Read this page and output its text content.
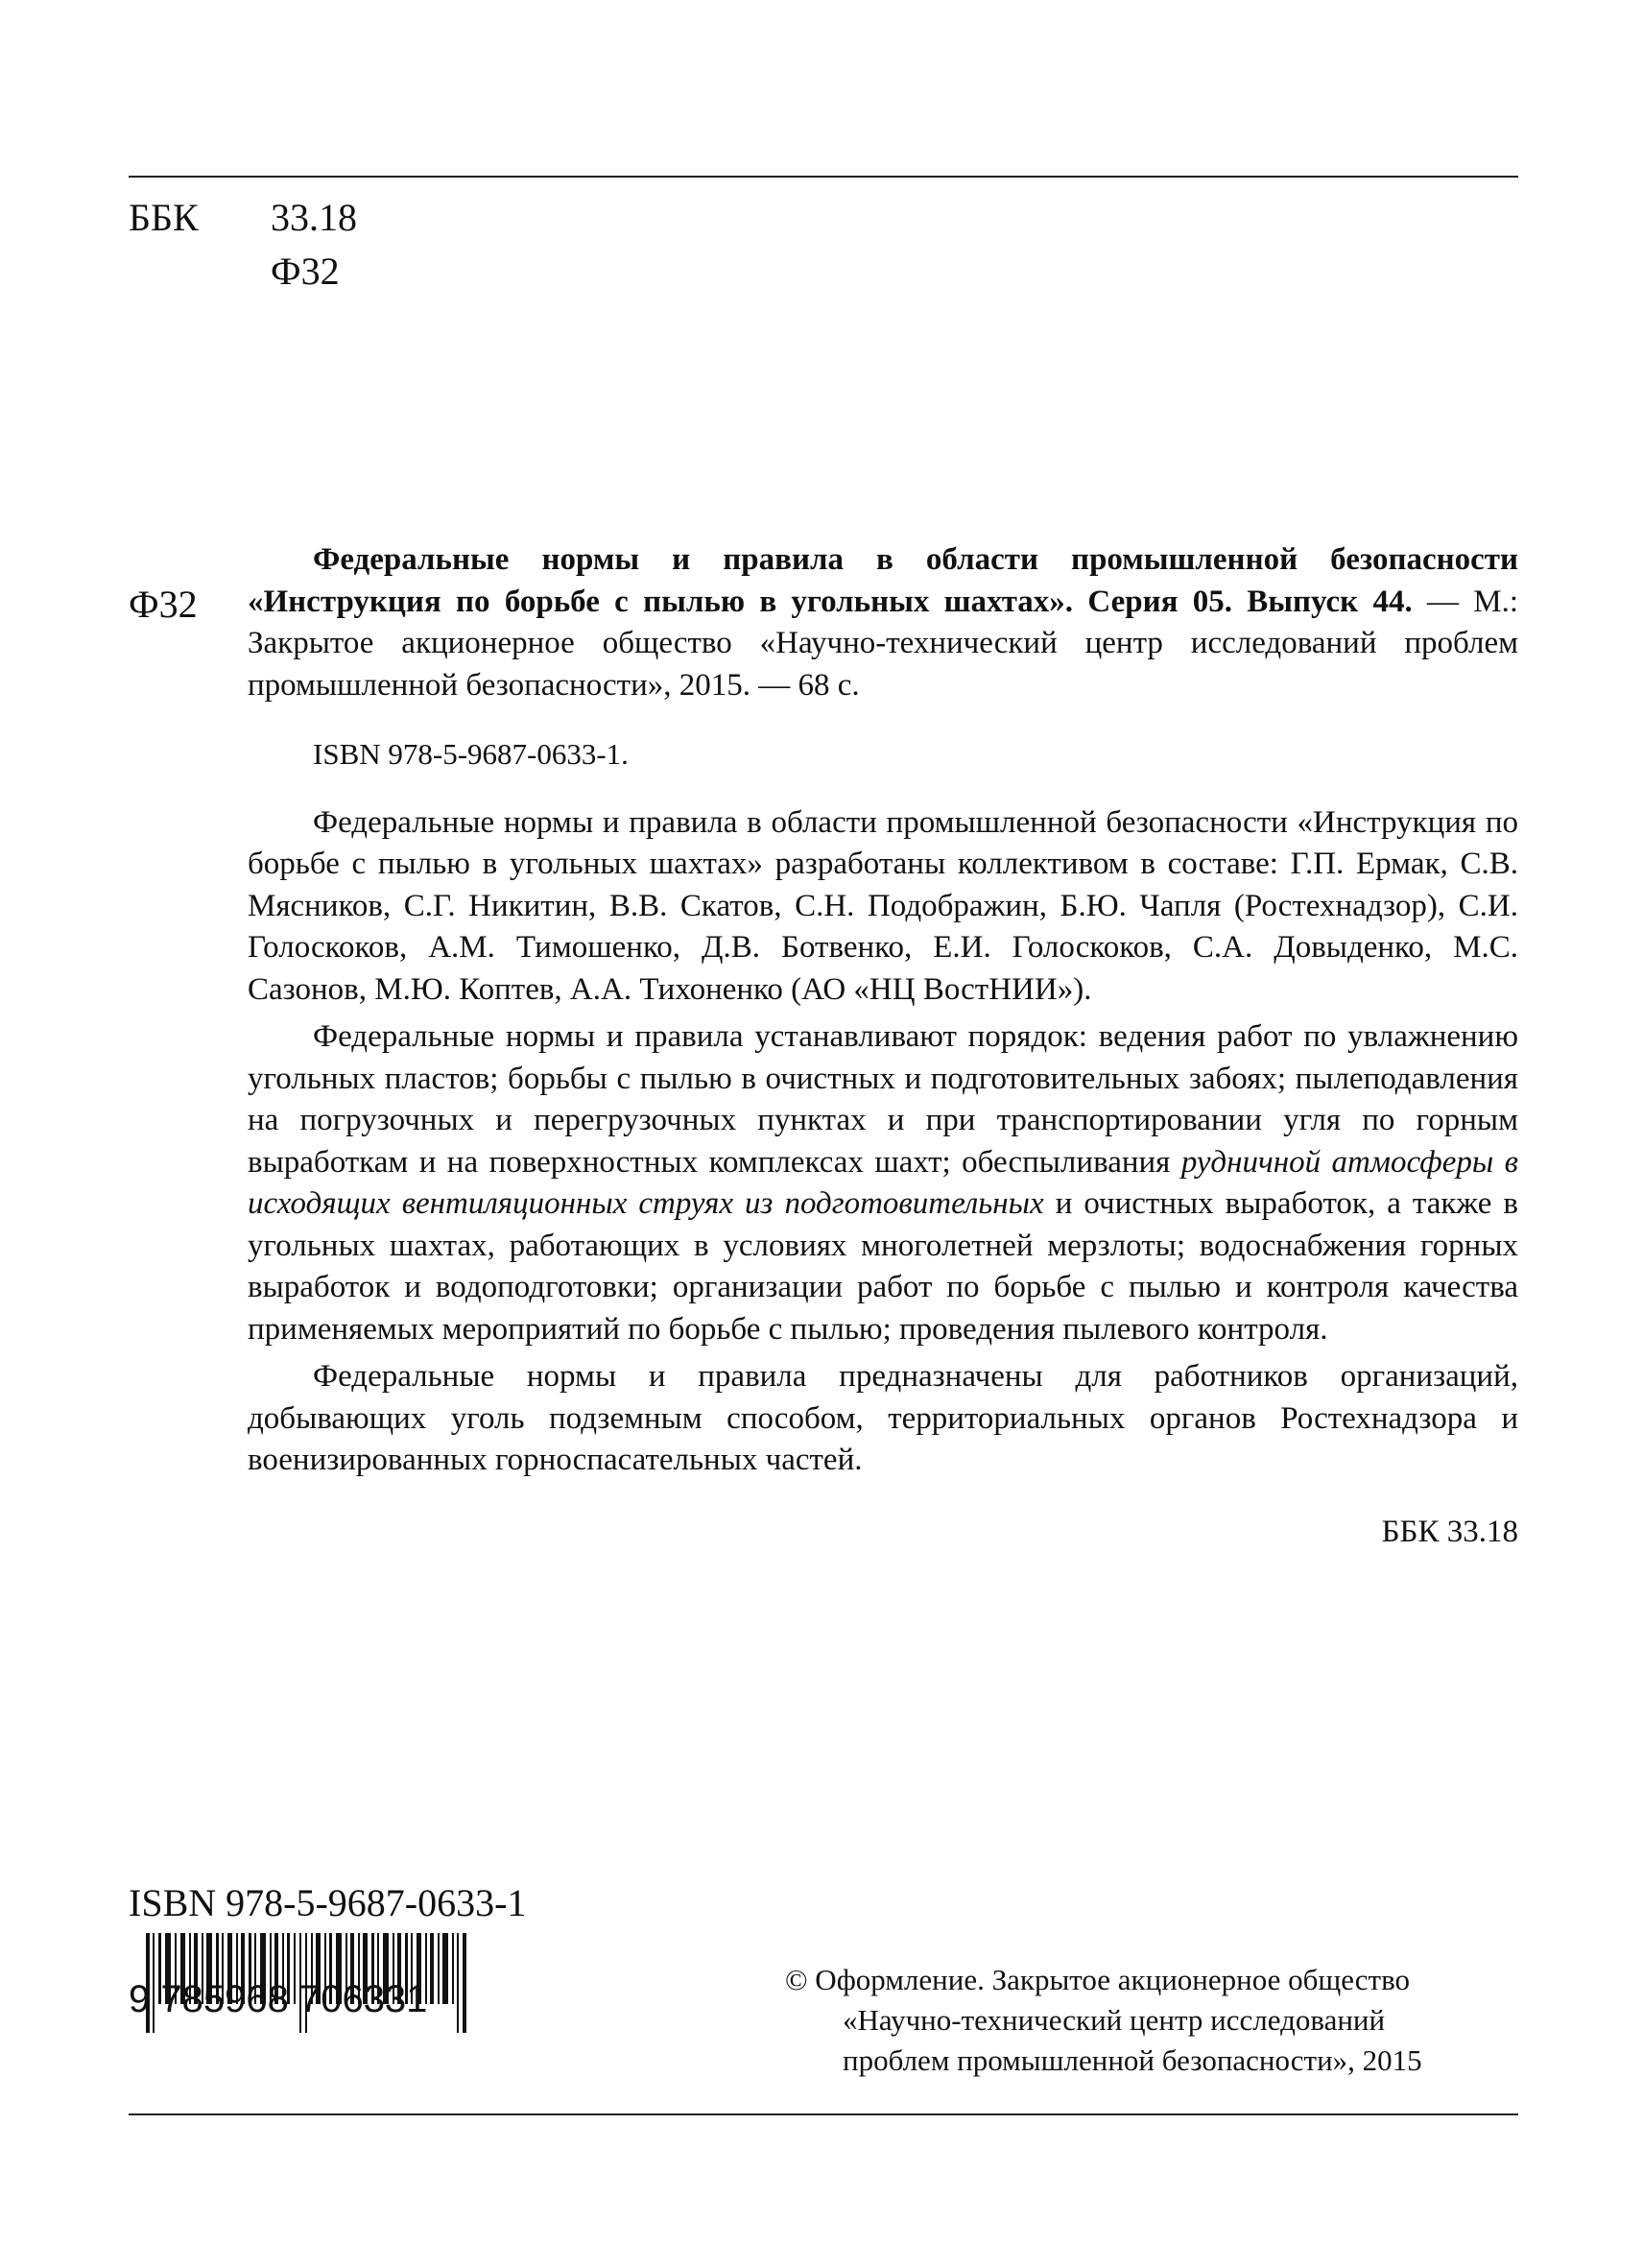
ББК 33.18
Ф32
Ф32

Федеральные нормы и правила в области промышленной безопасности «Инструкция по борьбе с пылью в угольных шахтах». Серия 05. Выпуск 44. — М.: Закрытое акционерное общество «Научно-технический центр исследований проблем промышленной безопасности», 2015. — 68 с.

ISBN 978-5-9687-0633-1.

Федеральные нормы и правила в области промышленной безопасности «Инструкция по борьбе с пылью в угольных шахтах» разработаны коллективом в составе: Г.П. Ермак, С.В. Мясников, С.Г. Никитин, В.В. Скатов, С.Н. Подображин, Б.Ю. Чапля (Ростехнадзор), С.И. Голоскоков, А.М. Тимошенко, Д.В. Ботвенко, Е.И. Голоскоков, С.А. Довыденко, М.С. Сазонов, М.Ю. Коптев, А.А. Тихоненко (АО «НЦ ВостНИИ»).

Федеральные нормы и правила устанавливают порядок: ведения работ по увлажнению угольных пластов; борьбы с пылью в очистных и подготовительных забоях; пылеподавления на погрузочных и перегрузочных пунктах и при транспортировании угля по горным выработкам и на поверхностных комплексах шахт; обеспыливания рудничной атмосферы в исходящих вентиляционных струях из подготовительных и очистных выработок, а также в угольных шахтах, работающих в условиях многолетней мерзлоты; водоснабжения горных выработок и водоподготовки; организации работ по борьбе с пылью и контроля качества применяемых мероприятий по борьбе с пылью; проведения пылевого контроля.

Федеральные нормы и правила предназначены для работников организаций, добывающих уголь подземным способом, территориальных органов Ростехнадзора и военизированных горноспасательных частей.

ББК 33.18
ISBN 978-5-9687-0633-1
9 785968 706331	© Оформление. Закрытое акционерное общество
«Научно-технический центр исследований
проблем промышленной безопасности», 2015
